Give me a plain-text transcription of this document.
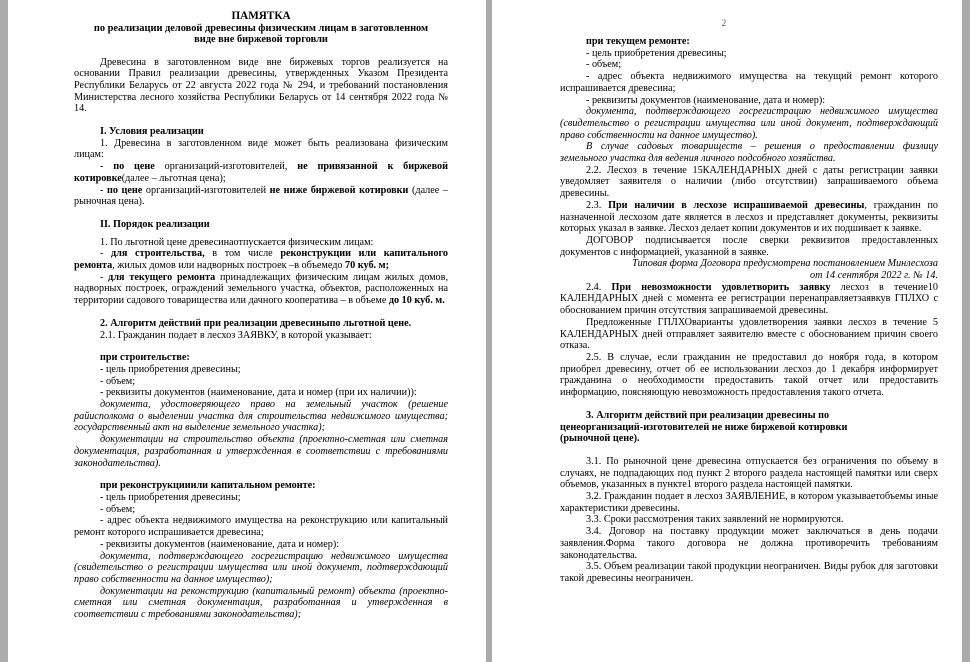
ПАМЯТКА

по реализации деловой древесины физическим лицам в заготовленном

виде вне биржевой торговли

Древесина в заготовленном виде вне биржевых торгов реализуется на основании Правил реализации древесины, утвержденных Указом Президента Республики Беларусь от 22 августа 2022 года № 294, и требований постановления Министерства лесного хозяйства Республики Беларусь от 14 сентября 2022 года № 14.

I. Условия реализации

1. Древесина в заготовленном виде может быть реализована физическим лицам:

- по цене организаций-изготовителей, не привязанной к биржевой котировке(далее – льготная цена);

- по цене организаций-изготовителей не ниже биржевой котировки (далее – рыночная цена).

II. Порядок реализации

1. По льготной цене древесинаотпускается физическим лицам:

- для строительства, в том числе реконструкции или капитального ремонта, жилых домов или надворных построек –в объемедо 70 куб. м;

- для текущего ремонта принадлежащих физическим лицам жилых домов, надворных построек, ограждений земельного участка, объектов, расположенных на территории садового товарищества или дачного кооператива – в объеме до 10 куб. м.

2. Алгоритм действий при реализации древесиныпо льготной цене.

2.1. Гражданин подает в лесхоз ЗАЯВКУ, в которой указывает:

при строительстве:

- цель приобретения древесины;

- объем;

- реквизиты документов (наименование, дата и номер (при их наличии)):

документа, удостоверяющего право на земельный участок (решение райисполкома о выделении участка для строительства недвижимого имущества; государственный акт на выделение земельного участка);

документации на строительство объекта (проектно-сметная или сметная документация, разработанная и утвержденная в соответствии с требованиями законодательства).

при реконструкцииили капитальном ремонте:

- цель приобретения древесины;

- объем;

- адрес объекта недвижимого имущества на реконструкцию или капитальный ремонт которого испрашивается древесина;

- реквизиты документов (наименование, дата и номер):

документа, подтверждающего госрегистрацию недвижимого имущества (свидетельство о регистрации имущества или иной документ, подтверждающий право собственности на данное имущество);

документации на реконструкцию (капитальный ремонт) объекта (проектно-сметная или сметная документация, разработанная и утвержденная в соответствии с требованиями законодательства);

2

при текущем ремонте:

- цель приобретения древесины;

- объем;

- адрес объекта недвижимого имущества на текущий ремонт которого испрашивается древесина;

- реквизиты документов (наименование, дата и номер):

документа, подтверждающего госрегистрацию недвижимого имущества (свидетельство о регистрации имущества или иной документ, подтверждающий право собственности на данное имущество).

В случае садовых товариществ – решения о предоставлении физлицу земельного участка для ведения личного подсобного хозяйства.

2.2. Лесхоз в течение 15КАЛЕНДАРНЫХ дней с даты регистрации заявки уведомляет заявителя о наличии (либо отсутствии) запрашиваемого объема древесины.

2.3. При наличии в лесхозе испрашиваемой древесины, гражданин по назначенной лесхозом дате является в лесхоз и представляет документы, реквизиты которых указал в заявке. Лесхоз делает копии документов и их подшивает к заявке.

ДОГОВОР подписывается после сверки реквизитов предоставленных документов с информацией, указанной в заявке.

Типовая форма Договора предусмотрена постановлением Минлесхоза

от 14 сентября 2022 г. № 14.

2.4. При невозможности удовлетворить заявку лесхоз в течение10 КАЛЕНДАРНЫХ дней с момента ее регистрации перенаправляетзаявкув ГПЛХО с обоснованием причин отсутствия запрашиваемой древесины.

Предложенные ГПЛХОварианты удовлетворения заявки лесхоз в течение 5 КАЛЕНДАРНЫХ дней отправляет заявителю вместе с обоснованием причин своего отказа.

2.5. В случае, если гражданин не предоставил до ноября года, в котором приобрел древесину, отчет об ее использовании лесхоз до 1 декабря информирует гражданина о необходимости предоставить такой отчет или предоставить информацию, поясняющую невозможность предоставления такого отчета.

3. Алгоритм действий при реализации древесины по

ценеорганизаций-изготовителей не ниже биржевой котировки

(рыночной цене).

3.1. По рыночной цене древесина отпускается без ограничения по объему в случаях, не подпадающих под пункт 2 второго раздела настоящей памятки или сверх объемов, указанных в пункте1 второго раздела настоящей памятки.

3.2. Гражданин подает в лесхоз ЗАЯВЛЕНИЕ, в котором указываетобъемы иные характеристики древесины.

3.3. Сроки рассмотрения таких заявлений не нормируются.

3.4. Договор на поставку продукции может заключаться в день подачи заявления.Форма такого договора не должна противоречить требованиям законодательства.

3.5. Объем реализации такой продукции неограничен. Виды рубок для заготовки такой древесины неограничен.
